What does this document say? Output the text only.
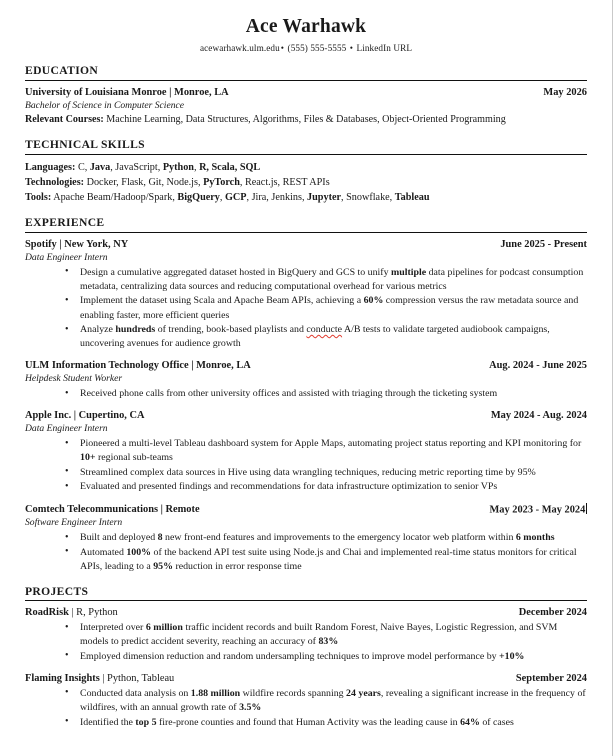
Ace Warhawk
acewarhawk.ulm.edu• (555) 555-5555 • LinkedIn URL
EDUCATION
University of Louisiana Monroe | Monroe, LA	May 2026
Bachelor of Science in Computer Science
Relevant Courses: Machine Learning, Data Structures, Algorithms, Files & Databases, Object-Oriented Programming
TECHNICAL SKILLS
Languages: C, Java, JavaScript, Python, R, Scala, SQL
Technologies: Docker, Flask, Git, Node.js, PyTorch, React.js, REST APIs
Tools: Apache Beam/Hadoop/Spark, BigQuery, GCP, Jira, Jenkins, Jupyter, Snowflake, Tableau
EXPERIENCE
Spotify | New York, NY	June 2025 - Present
Data Engineer Intern
• Design a cumulative aggregated dataset hosted in BigQuery and GCS to unify multiple data pipelines for podcast consumption metadata, centralizing data sources and reducing computational overhead for various metrics
• Implement the dataset using Scala and Apache Beam APIs, achieving a 60% compression versus the raw metadata source and enabling faster, more efficient queries
• Analyze hundreds of trending, book-based playlists and conducte A/B tests to validate targeted audiobook campaigns, uncovering avenues for audience growth
ULM Information Technology Office | Monroe, LA	Aug. 2024 - June 2025
Helpdesk Student Worker
• Received phone calls from other university offices and assisted with triaging through the ticketing system
Apple Inc. | Cupertino, CA	May 2024 - Aug. 2024
Data Engineer Intern
• Pioneered a multi-level Tableau dashboard system for Apple Maps, automating project status reporting and KPI monitoring for 10+ regional sub-teams
• Streamlined complex data sources in Hive using data wrangling techniques, reducing metric reporting time by 95%
• Evaluated and presented findings and recommendations for data infrastructure optimization to senior VPs
Comtech Telecommunications | Remote	May 2023 - May 2024
Software Engineer Intern
• Built and deployed 8 new front-end features and improvements to the emergency locator web platform within 6 months
• Automated 100% of the backend API test suite using Node.js and Chai and implemented real-time status monitors for critical APIs, leading to a 95% reduction in error response time
PROJECTS
RoadRisk | R, Python	December 2024
• Interpreted over 6 million traffic incident records and built Random Forest, Naive Bayes, Logistic Regression, and SVM models to predict accident severity, reaching an accuracy of 83%
• Employed dimension reduction and random undersampling techniques to improve model performance by +10%
Flaming Insights | Python, Tableau	September 2024
• Conducted data analysis on 1.88 million wildfire records spanning 24 years, revealing a significant increase in the frequency of wildfires, with an annual growth rate of 3.5%
• Identified the top 5 fire-prone counties and found that Human Activity was the leading cause in 64% of cases
